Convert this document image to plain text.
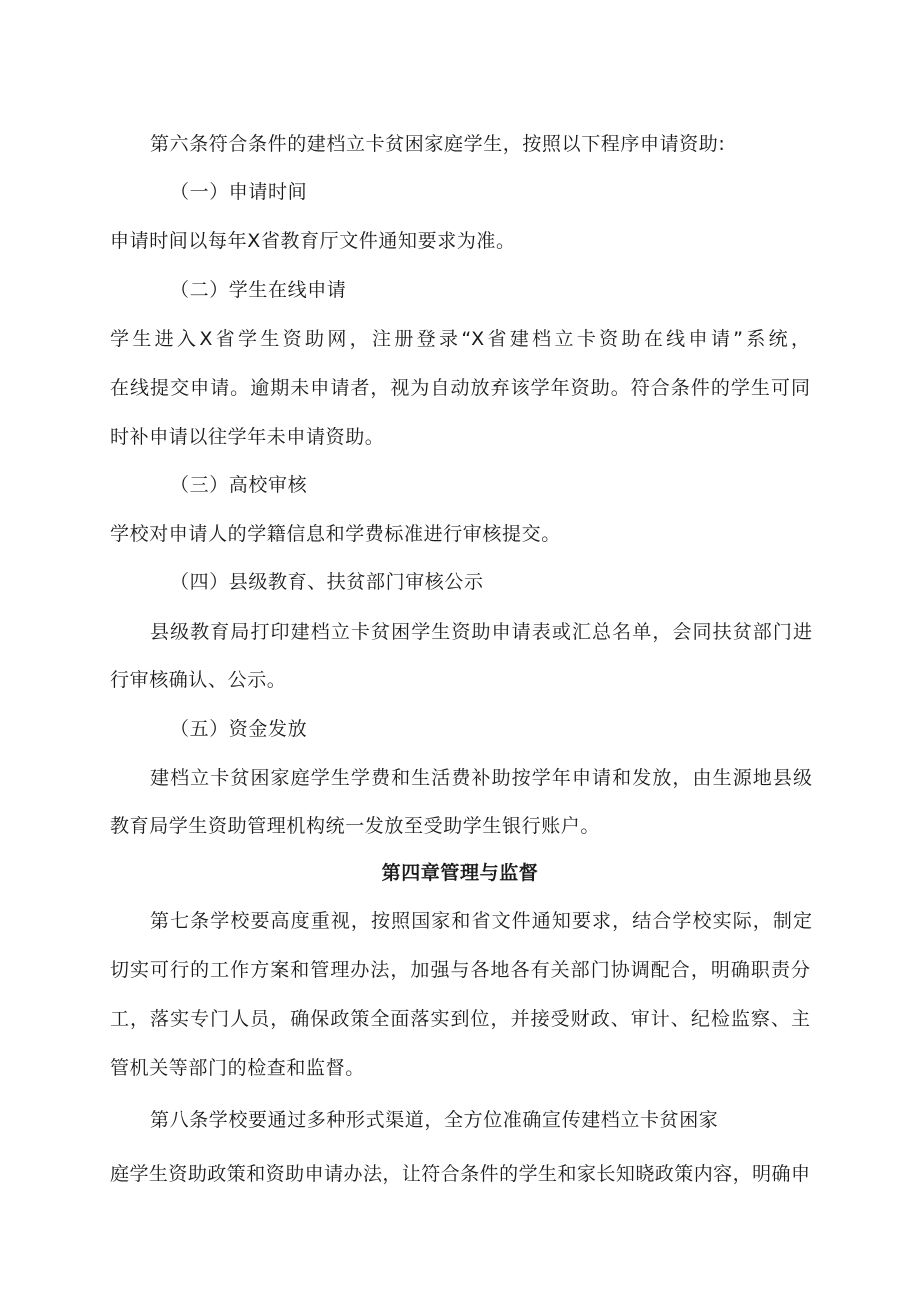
第六条符合条件的建档立卡贫困家庭学生，按照以下程序申请资助:

（一）申请时间

申请时间以每年X省教育厅文件通知要求为准。

（二）学生在线申请

学生进入X省学生资助网，注册登录“X省建档立卡资助在线申请”系统，

在线提交申请。逾期未申请者，视为自动放弃该学年资助。符合条件的学生可同

时补申请以往学年未申请资助。

（三）高校审核

学校对申请人的学籍信息和学费标准进行审核提交。

（四）县级教育、扶贫部门审核公示

县级教育局打印建档立卡贫困学生资助申请表或汇总名单，会同扶贫部门进

行审核确认、公示。

（五）资金发放

建档立卡贫困家庭学生学费和生活费补助按学年申请和发放，由生源地县级

教育局学生资助管理机构统一发放至受助学生银行账户。

第四章管理与监督

第七条学校要高度重视，按照国家和省文件通知要求，结合学校实际，制定

切实可行的工作方案和管理办法，加强与各地各有关部门协调配合，明确职责分

工，落实专门人员，确保政策全面落实到位，并接受财政、审计、纪检监察、主

管机关等部门的检查和监督。

第八条学校要通过多种形式渠道，全方位准确宣传建档立卡贫困家

庭学生资助政策和资助申请办法，让符合条件的学生和家长知晓政策内容，明确申
